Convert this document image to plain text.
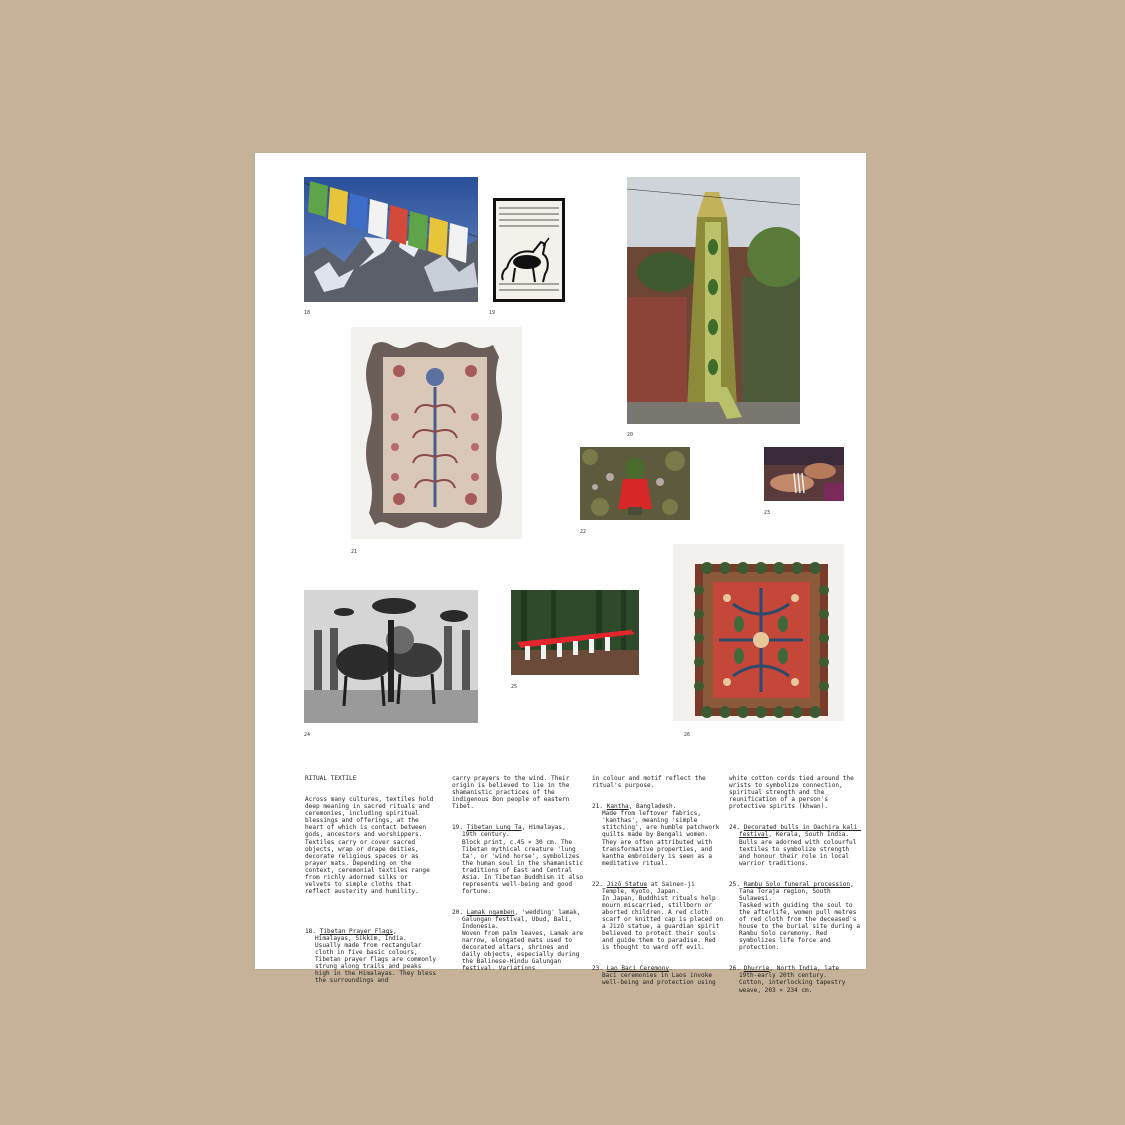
18	19
20
21
22
23
24
25
26

RITUAL TEXTILE

Across many cultures, textiles hold deep meaning in sacred rituals and ceremonies, including spiritual blessings and offerings, at the heart of which is contact between gods, ancestors and worshippers. Textiles carry or cover sacred objects, wrap or drape deities, decorate religious spaces or as prayer mats. Depending on the context, ceremonial textiles range from richly adorned silks or velvets to simple cloths that reflect austerity and humility.

18. Tibetan Prayer Flags, Himalayas, Sikkim, India.
Usually made from rectangular cloth in five basic colours, Tibetan prayer flags are commonly strung along trails and peaks high in the Himalayas. They bless the surroundings and

carry prayers to the wind. Their origin is believed to lie in the shamanistic practices of the indigenous Bon people of eastern Tibet.

19. Tibetan Lung Ta, Himalayas, 19th century.
Block print, c.45 × 30 cm. The Tibetan mythical creature 'lung ta', or 'wind horse', symbolizes the human soul in the shamanistic traditions of East and Central Asia. In Tibetan Buddhism it also represents well-being and good fortune.

20. Lamak ngamben, 'wedding' lamak, Galungan festival, Ubud, Bali, Indonesia.
Woven from palm leaves, Lamak are narrow, elongated mats used to decorated altars, shrines and daily objects, especially during the Balinese-Hindu Galungan festival. Variations

in colour and motif reflect the ritual's purpose.

21. Kantha, Bangladesh.
Made from leftover fabrics, 'kanthas', meaning 'simple stitching', are humble patchwork quilts made by Bengali women. They are often attributed with transformative properties, and kantha embroidery is seen as a meditative ritual.

22. Jizō Statue at Sainen-ji Temple, Kyoto, Japan.
In Japan, Buddhist rituals help mourn miscarried, stillborn or aborted children. A red cloth scarf or knitted cap is placed on a Jizō statue, a guardian spirit believed to protect their souls and guide them to paradise. Red is thought to ward off evil.

23. Lao Baci Ceremony.
Baci ceremonies in Laos invoke well-being and protection using

white cotton cords tied around the wrists to symbolize connection, spiritual strength and the reunification of a person's protective spirits (khwan).

24. Decorated bulls in Oachira kali festival, Kerala, South India.
Bulls are adorned with colourful textiles to symbolize strength and honour their role in local warrior traditions.

25. Rambu Solo funeral procession, Tana Toraja region, South Sulawesi.
Tasked with guiding the soul to the afterlife, women pull metres of red cloth from the deceased's house to the burial site during a Rambu Solo ceremony. Red symbolizes life force and protection.

26. Dhurrie, North India, late 19th-early 20th century.
Cotton, interlocking tapestry weave, 203 × 234 cm.
